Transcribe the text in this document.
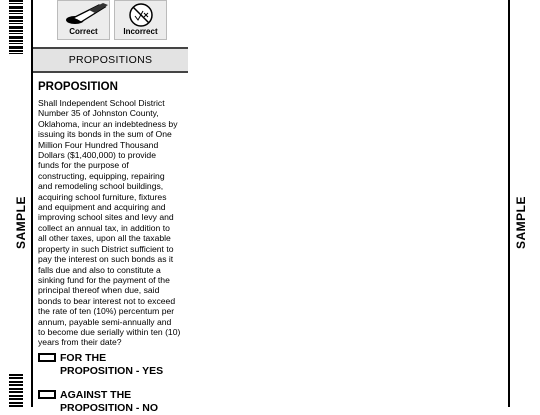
SAMPLE	SAMPLE
Correct	Incorrect
PROPOSITIONS
PROPOSITION
Shall Independent School District
Number 35 of Johnston County,
Oklahoma, incur an indebtedness by
issuing its bonds in the sum of One
Million Four Hundred Thousand
Dollars ($1,400,000) to provide
funds for the purpose of
constructing, equipping, repairing
and remodeling school buildings,
acquiring school furniture, fixtures
and equipment and acquiring and
improving school sites and levy and
collect an annual tax, in addition to
all other taxes, upon all the taxable
property in such District sufficient to
pay the interest on such bonds as it
falls due and also to constitute a
sinking fund for the payment of the
principal thereof when due, said
bonds to bear interest not to exceed
the rate of ten (10%) percentum per
annum, payable semi-annually and
to become due serially within ten (10)
years from their date?
FOR THE
PROPOSITION - YES
AGAINST THE
PROPOSITION - NO
